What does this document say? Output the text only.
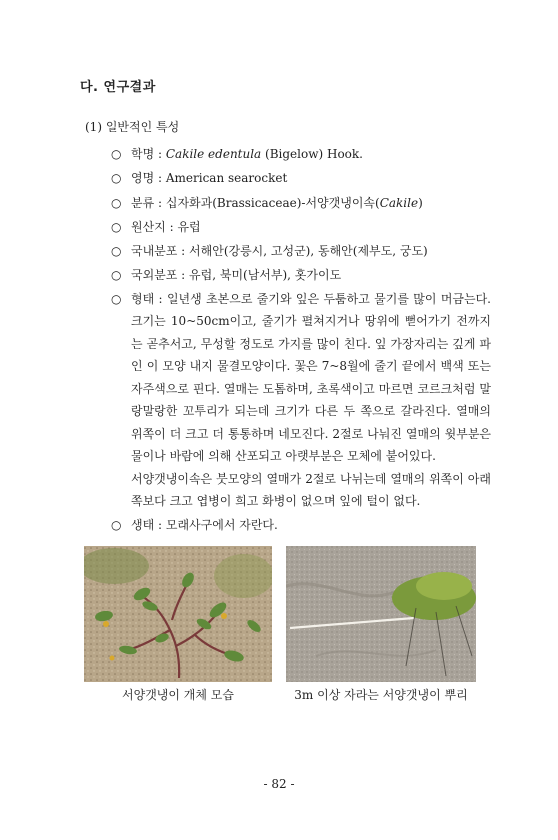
다. 연구결과
(1) 일반적인 특성
○ 학명 : Cakile edentula (Bigelow) Hook.
○ 영명 : American searocket
○ 분류 : 십자화과(Brassicaceae)-서양갯냉이속(Cakile)
○ 원산지 : 유럽
○ 국내분포 : 서해안(강릉시, 고성군), 동해안(제부도, 궁도)
○ 국외분포 : 유럽, 북미(남서부), 홋가이도
○ 형태 : 일년생 초본으로 줄기와 잎은 두툼하고 물기를 많이 머금는다. 크기는 10~50cm이고, 줄기가 펼쳐지거나 땅위에 뻗어가기 전까지는 곧추서고, 무성할 정도로 가지를 많이 친다. 잎 가장자리는 깊게 파인 이 모양 내지 물결모양이다. 꽃은 7~8월에 줄기 끝에서 백색 또는 자주색으로 핀다. 열매는 도톰하며, 초록색이고 마르면 코르크처럼 말랑말랑한 꼬투리가 되는데 크기가 다른 두 쪽으로 갈라진다. 열매의 위쪽이 더 크고 더 통통하며 네모진다. 2절로 나눠진 열매의 윗부분은 물이나 바람에 의해 산포되고 아랫부분은 모체에 붙어있다.
서양갯냉이속은 붓모양의 열매가 2절로 나뉘는데 열매의 위쪽이 아래쪽보다 크고 엽병이 희고 화병이 없으며 잎에 털이 없다.
○ 생태 : 모래사구에서 자란다.
서양갯냉이 개체 모습	3m 이상 자라는 서양갯냉이 뿌리
- 82 -
